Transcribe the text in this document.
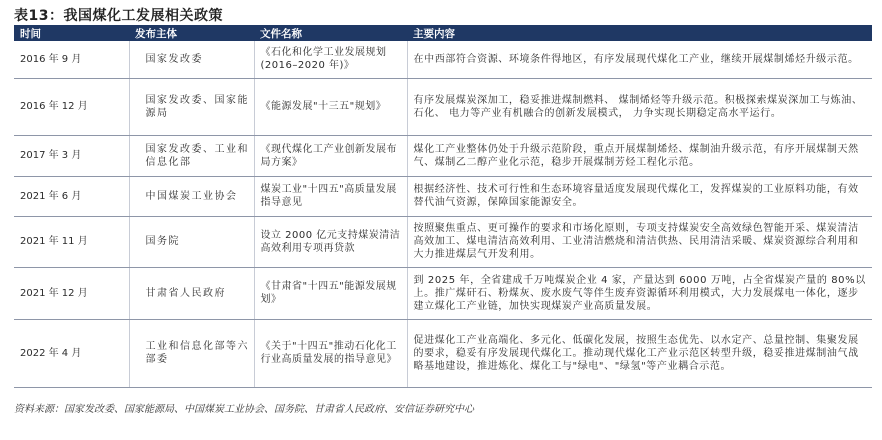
表13：我国煤化工发展相关政策
时间	发布主体	文件名称	主要内容
2016 年 9 月	国家发改委	《石化和化学工业发展规划(2016–2020 年)》	在中西部符合资源、环境条件得地区，有序发展现代煤化工产业，继续开展煤制烯烃升级示范。
2016 年 12 月	国家发改委、国家能源局	《能源发展"十三五"规划》	有序发展煤炭深加工，稳妥推进煤制燃料、 煤制烯烃等升级示范。积极探索煤炭深加工与炼油、 石化、 电力等产业有机融合的创新发展模式， 力争实现长期稳定高水平运行。
2017 年 3 月	国家发改委、工业和信息化部	《现代煤化工产业创新发展布局方案》	煤化工产业整体仍处于升级示范阶段，重点开展煤制烯烃、煤制油升级示范，有序开展煤制天然气、煤制乙二醇产业化示范，稳步开展煤制芳烃工程化示范。
2021 年 6 月	中国煤炭工业协会	煤炭工业"十四五"高质量发展指导意见	根据经济性、技术可行性和生态环境容量适度发展现代煤化工，发挥煤炭的工业原料功能，有效替代油气资源，保障国家能源安全。
2021 年 11 月	国务院	设立 2000 亿元支持煤炭清洁高效利用专项再贷款	按照聚焦重点、更可操作的要求和市场化原则，专项支持煤炭安全高效绿色智能开采、煤炭清洁高效加工、煤电清洁高效利用、工业清洁燃烧和清洁供热、民用清洁采暖、煤炭资源综合利用和大力推进煤层气开发利用。
2021 年 12 月	甘肃省人民政府	《甘肃省"十四五"能源发展规划》	到 2025 年，全省建成千万吨煤炭企业 4 家，产量达到 6000 万吨，占全省煤炭产量的 80%以上。推广煤矸石、粉煤灰、废水废气等伴生废弃资源循环利用模式，大力发展煤电一体化，逐步建立煤化工产业链，加快实现煤炭产业高质量发展。
2022 年 4 月	工业和信息化部等六部委	《关于"十四五"推动石化化工行业高质量发展的指导意见》	促进煤化工产业高端化、多元化、低碳化发展，按照生态优先、以水定产、总量控制、集聚发展的要求，稳妥有序发展现代煤化工。推动现代煤化工产业示范区转型升级，稳妥推进煤制油气战略基地建设，推进炼化、煤化工与"绿电"、"绿氢"等产业耦合示范。
资料来源：国家发改委、国家能源局、中国煤炭工业协会、国务院、甘肃省人民政府、安信证券研究中心
